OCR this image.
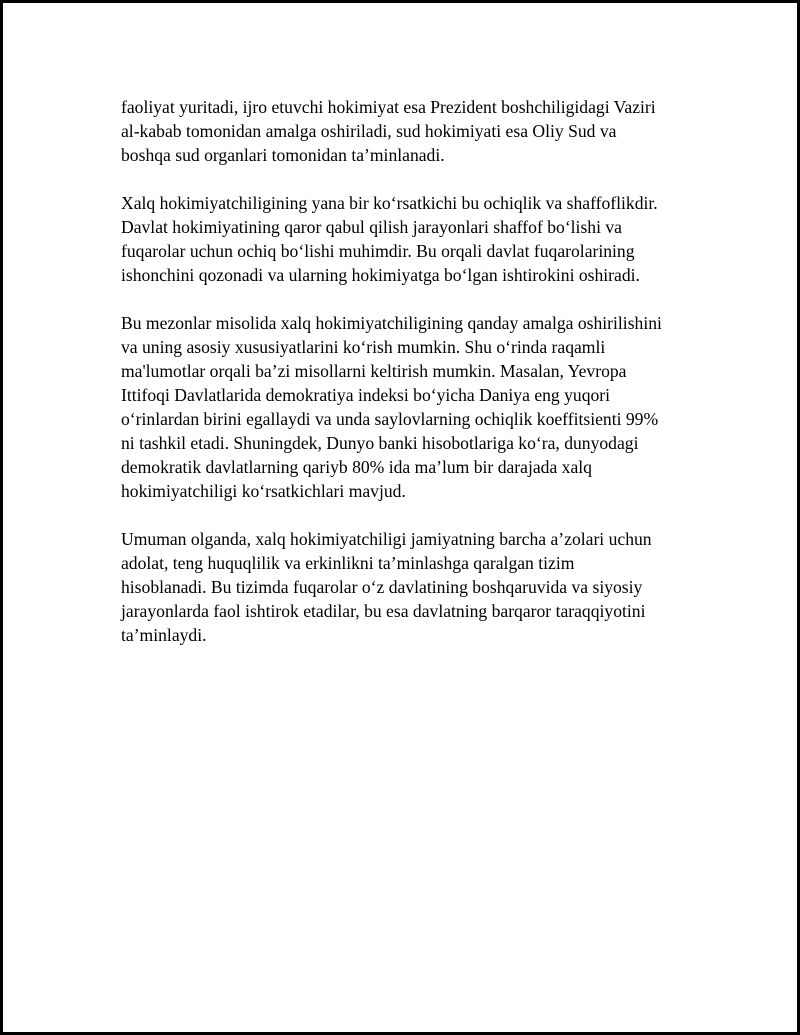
faoliyat yuritadi, ijro etuvchi hokimiyat esa Prezident boshchiligidagi Vaziri
al-kabab tomonidan amalga oshiriladi, sud hokimiyati esa Oliy Sud va
boshqa sud organlari tomonidan taʼminlanadi.

Xalq hokimiyatchiligining yana bir koʻrsatkichi bu ochiqlik va shaffoflikdir.
Davlat hokimiyatining qaror qabul qilish jarayonlari shaffof boʻlishi va
fuqarolar uchun ochiq boʻlishi muhimdir. Bu orqali davlat fuqarolarining
ishonchini qozonadi va ularning hokimiyatga boʻlgan ishtirokini oshiradi.

Bu mezonlar misolida xalq hokimiyatchiligining qanday amalga oshirilishini
va uning asosiy xususiyatlarini koʻrish mumkin. Shu oʻrinda raqamli
ma'lumotlar orqali baʼzi misollarni keltirish mumkin. Masalan, Yevropa
Ittifoqi Davlatlarida demokratiya indeksi boʻyicha Daniya eng yuqori
oʻrinlardan birini egallaydi va unda saylovlarning ochiqlik koeffitsienti 99%
ni tashkil etadi. Shuningdek, Dunyo banki hisobotlariga koʻra, dunyodagi
demokratik davlatlarning qariyb 80% ida maʼlum bir darajada xalq
hokimiyatchiligi koʻrsatkichlari mavjud.

Umuman olganda, xalq hokimiyatchiligi jamiyatning barcha aʼzolari uchun
adolat, teng huquqlilik va erkinlikni taʼminlashga qaralgan tizim
hisoblanadi. Bu tizimda fuqarolar oʻz davlatining boshqaruvida va siyosiy
jarayonlarda faol ishtirok etadilar, bu esa davlatning barqaror taraqqiyotini
taʼminlaydi.
